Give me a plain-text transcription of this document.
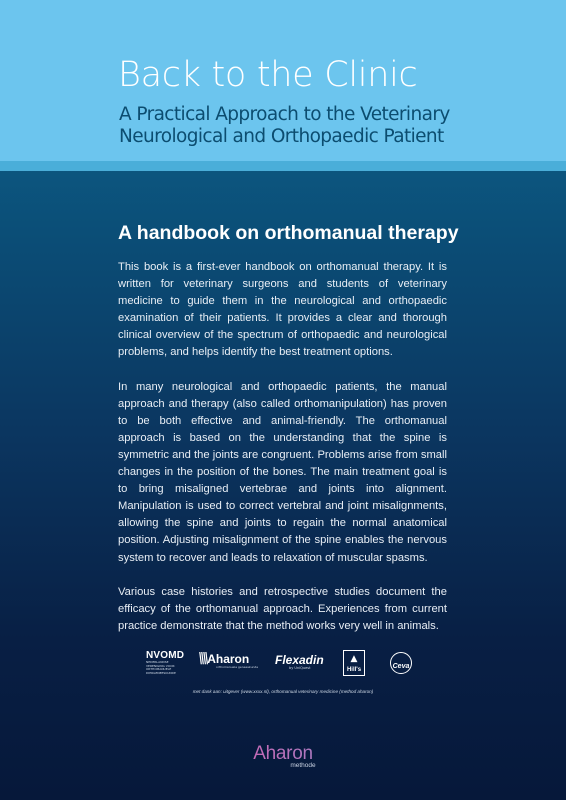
Back to the Clinic
A Practical Approach to the Veterinary
Neurological and Orthopaedic Patient
A handbook on orthomanual therapy

This book is a first-ever handbook on orthomanual therapy. It is written for veterinary surgeons and students of veterinary medicine to guide them in the neurological and orthopaedic examination of their patients. It provides a clear and thorough clinical overview of the spectrum of orthopaedic and neurological problems, and helps identify the best treatment options.

In many neurological and orthopaedic patients, the manual approach and therapy (also called orthomanipulation) has proven to be both effective and animal-friendly. The orthomanual approach is based on the understanding that the spine is symmetric and the joints are congruent. Problems arise from small changes in the position of the bones. The main treatment goal is to bring misaligned vertebrae and joints into alignment. Manipulation is used to correct vertebral and joint misalignments, allowing the spine and joints to regain the normal anatomical position. Adjusting misalignment of the spine enables the nervous system to recover and leads to relaxation of muscular spasms.

Various case histories and retrospective studies document the efficacy of the orthomanual approach. Experiences from current practice demonstrate that the method works very well in animals.

NVOMD
NEDERLANDSE
VERENIGING VOOR
ORTHOMANUELE
DIERGENEESKUNDE
\\\\Aharon
orthomanuele geneeskunde Flexadin
by UniQuest
▲
Hill's	Ceva
met dank aan: uitgever (www.xxxx.nl), orthomanual veterinary medicine (method aharon)
Aharon
methode
